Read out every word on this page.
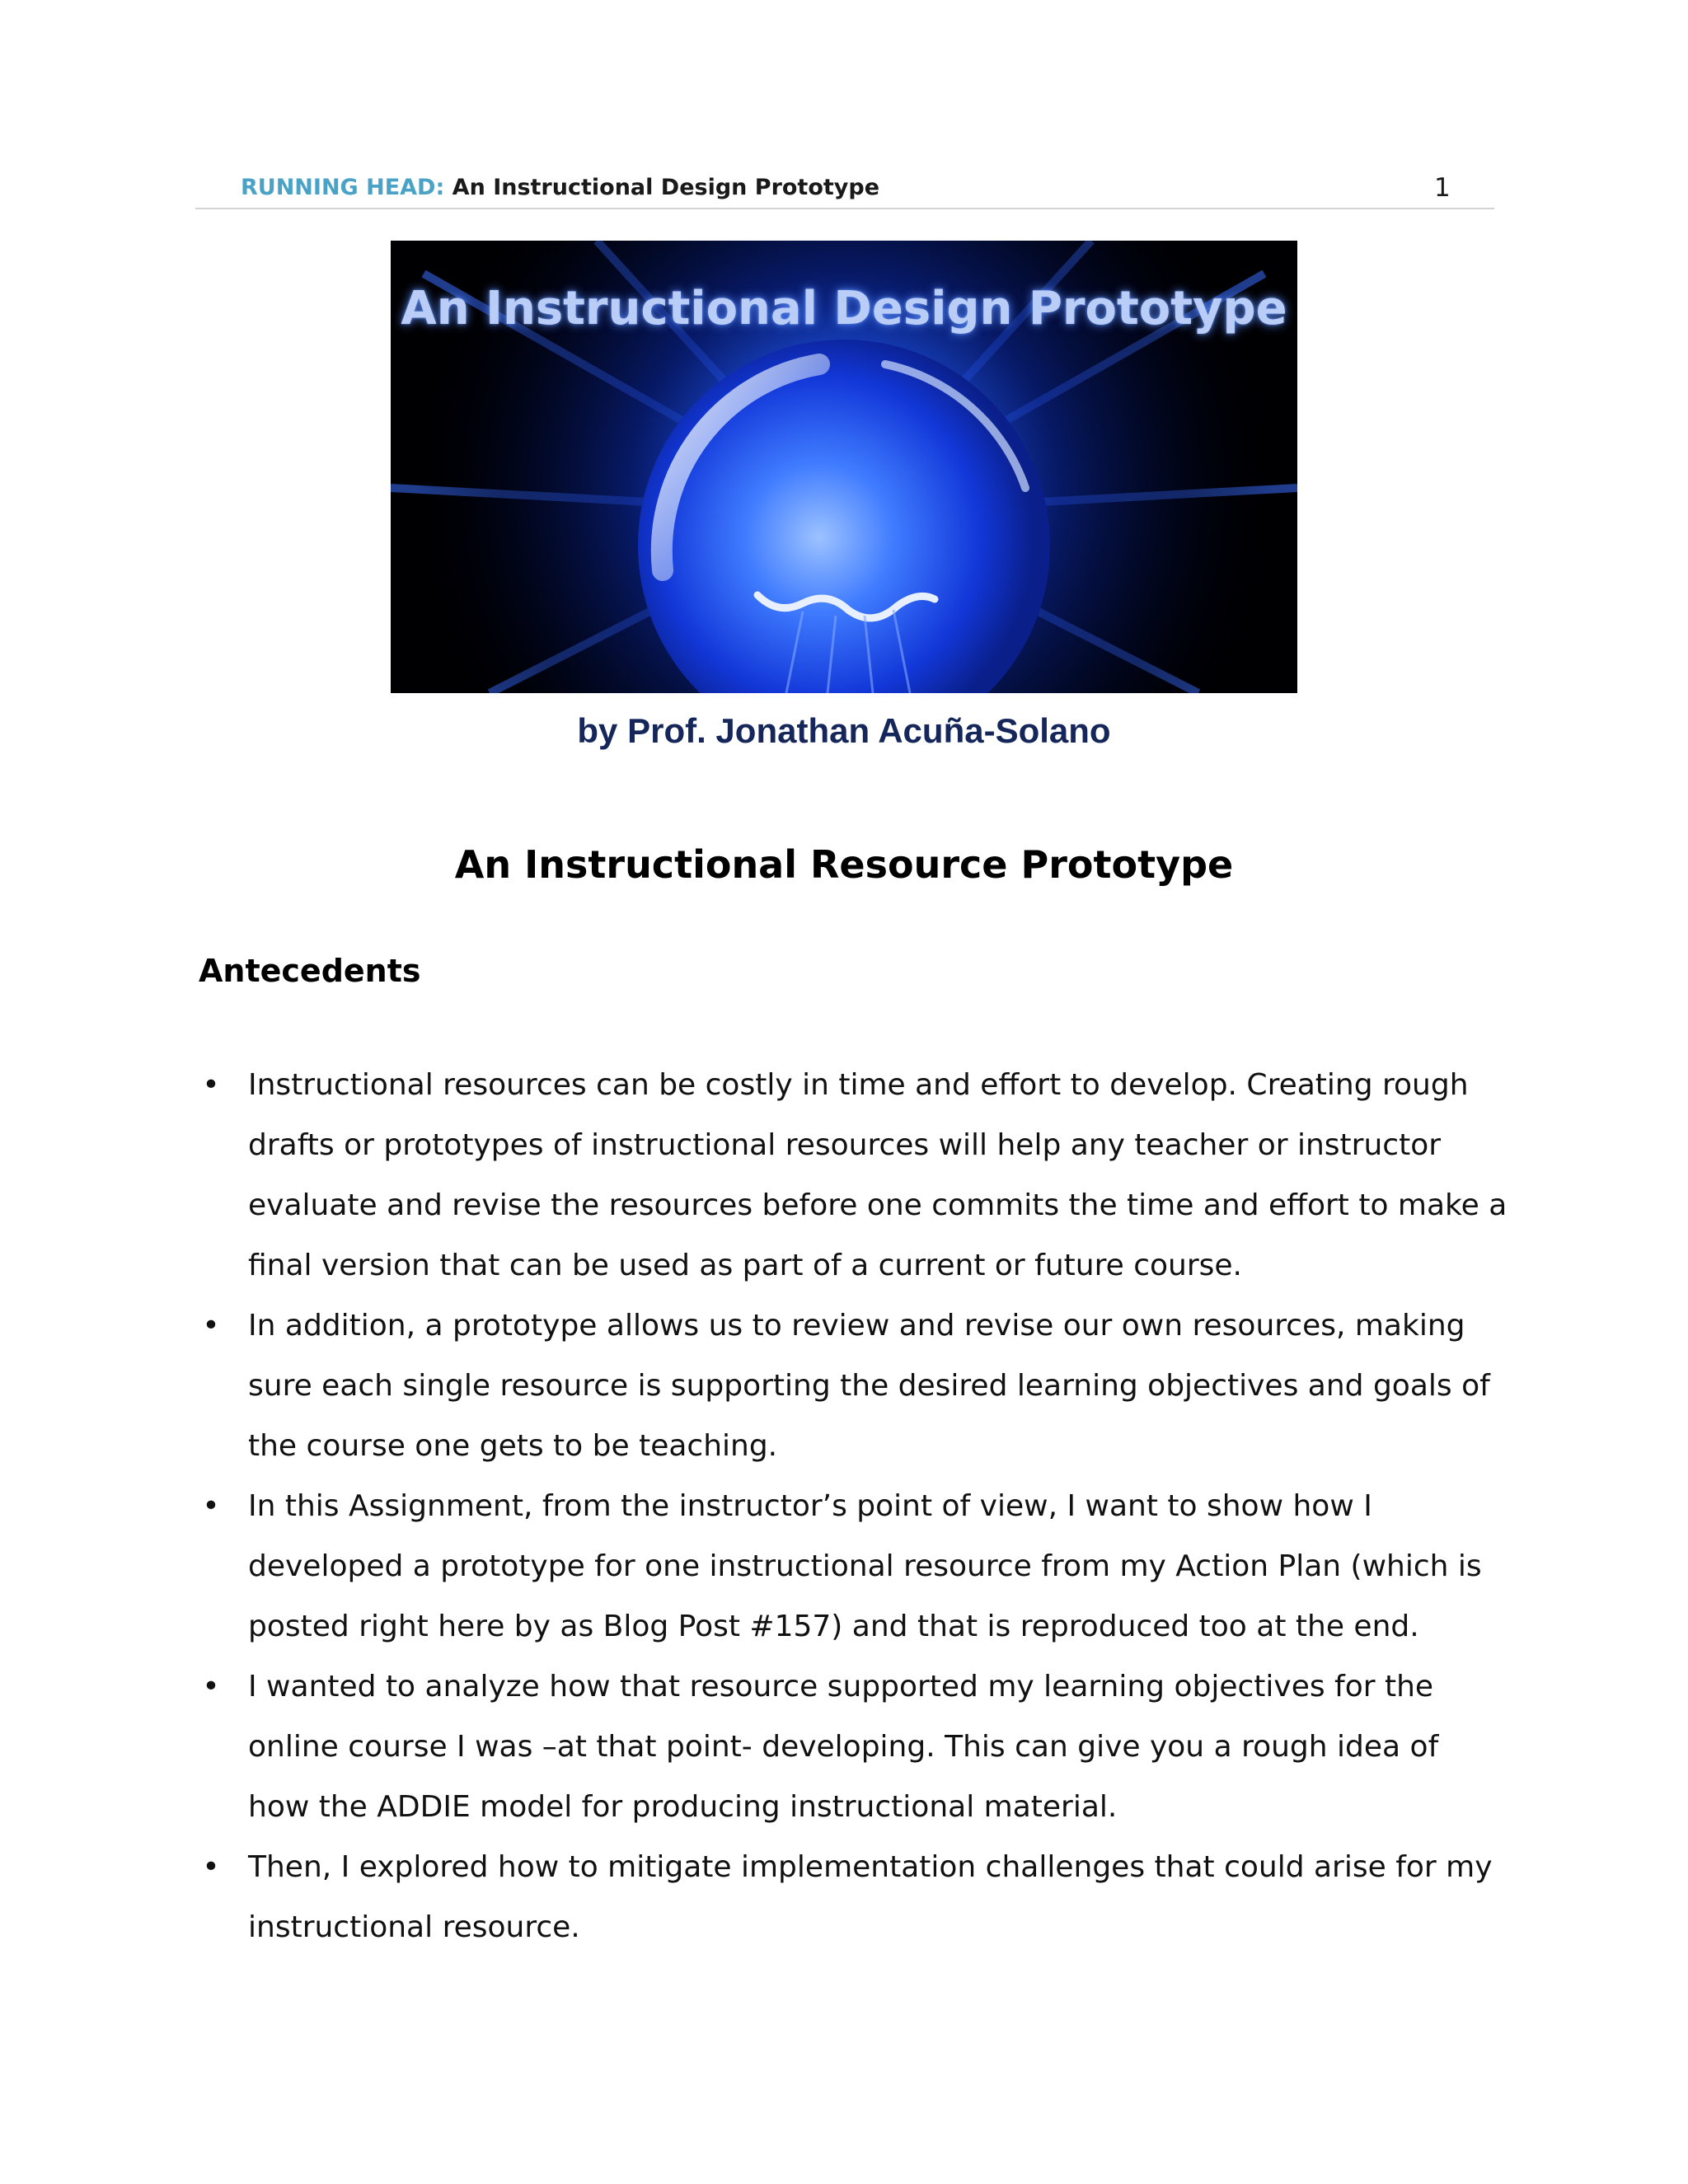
RUNNING HEAD: An Instructional Design Prototype	1
An Instructional Design Prototype
by Prof. Jonathan Acuña-Solano
An Instructional Resource Prototype
Antecedents
• Instructional resources can be costly in time and effort to develop. Creating rough
drafts or prototypes of instructional resources will help any teacher or instructor
evaluate and revise the resources before one commits the time and effort to make a
final version that can be used as part of a current or future course.
• In addition, a prototype allows us to review and revise our own resources, making
sure each single resource is supporting the desired learning objectives and goals of
the course one gets to be teaching.
• In this Assignment, from the instructor’s point of view, I want to show how I
developed a prototype for one instructional resource from my Action Plan (which is
posted right here by as Blog Post #157) and that is reproduced too at the end.
• I wanted to analyze how that resource supported my learning objectives for the
online course I was –at that point- developing. This can give you a rough idea of
how the ADDIE model for producing instructional material.
• Then, I explored how to mitigate implementation challenges that could arise for my
instructional resource.
